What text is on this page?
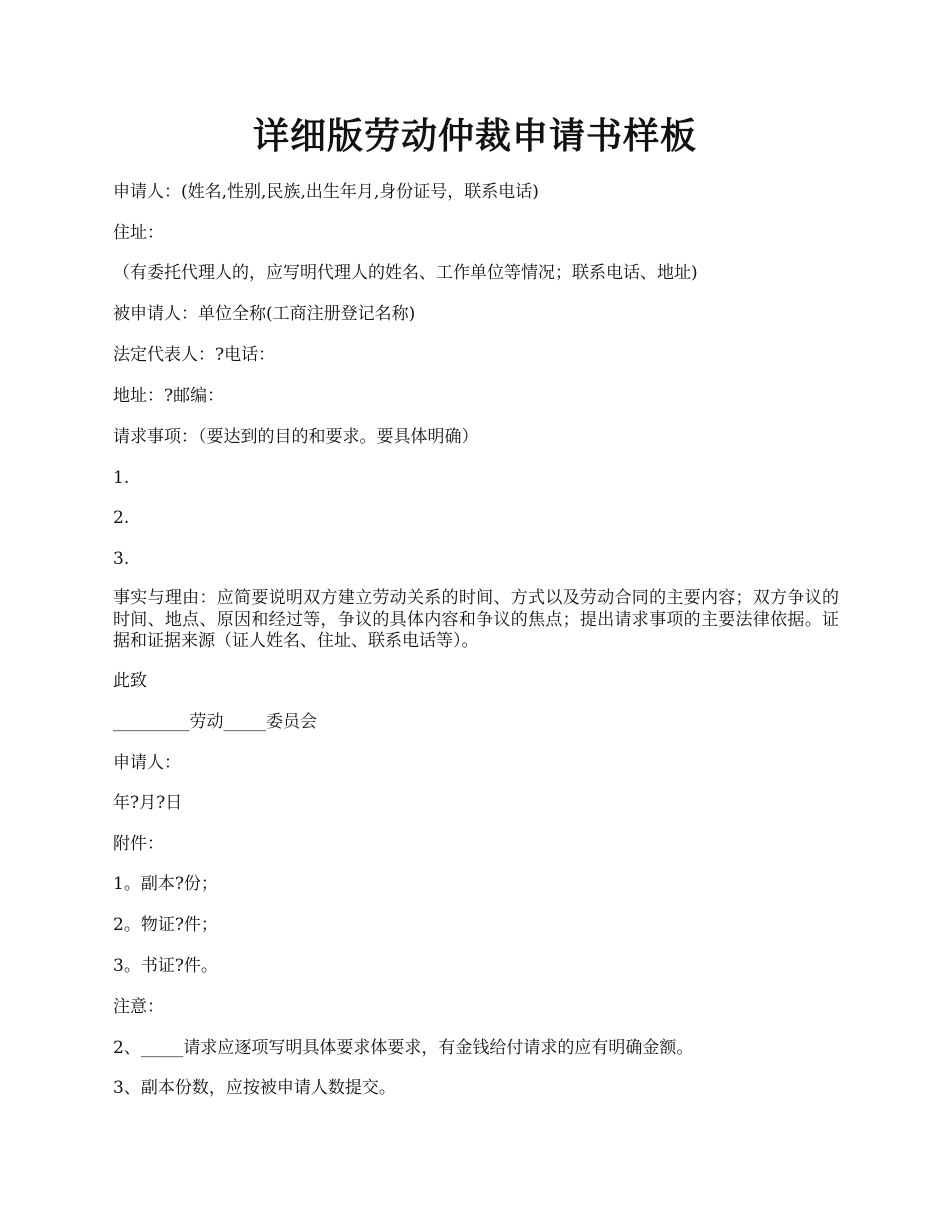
详细版劳动仲裁申请书样板
申请人：(姓名,性别,民族,出生年月,身份证号，联系电话)
住址：
（有委托代理人的，应写明代理人的姓名、工作单位等情况；联系电话、地址)
被申请人：单位全称(工商注册登记名称)
法定代表人：?电话：
地址：?邮编：
请求事项：（要达到的目的和要求。要具体明确）
1.
2.
3.
事实与理由：应简要说明双方建立劳动关系的时间、方式以及劳动合同的主要内容；双方争议的时间、地点、原因和经过等，争议的具体内容和争议的焦点；提出请求事项的主要法律依据。证据和证据来源（证人姓名、住址、联系电话等）。
此致
_________劳动_____委员会
申请人：
年?月?日
附件：
1。副本?份；
2。物证?件；
3。书证?件。
注意：
2、_____请求应逐项写明具体要求体要求，有金钱给付请求的应有明确金额。
3、副本份数，应按被申请人数提交。
